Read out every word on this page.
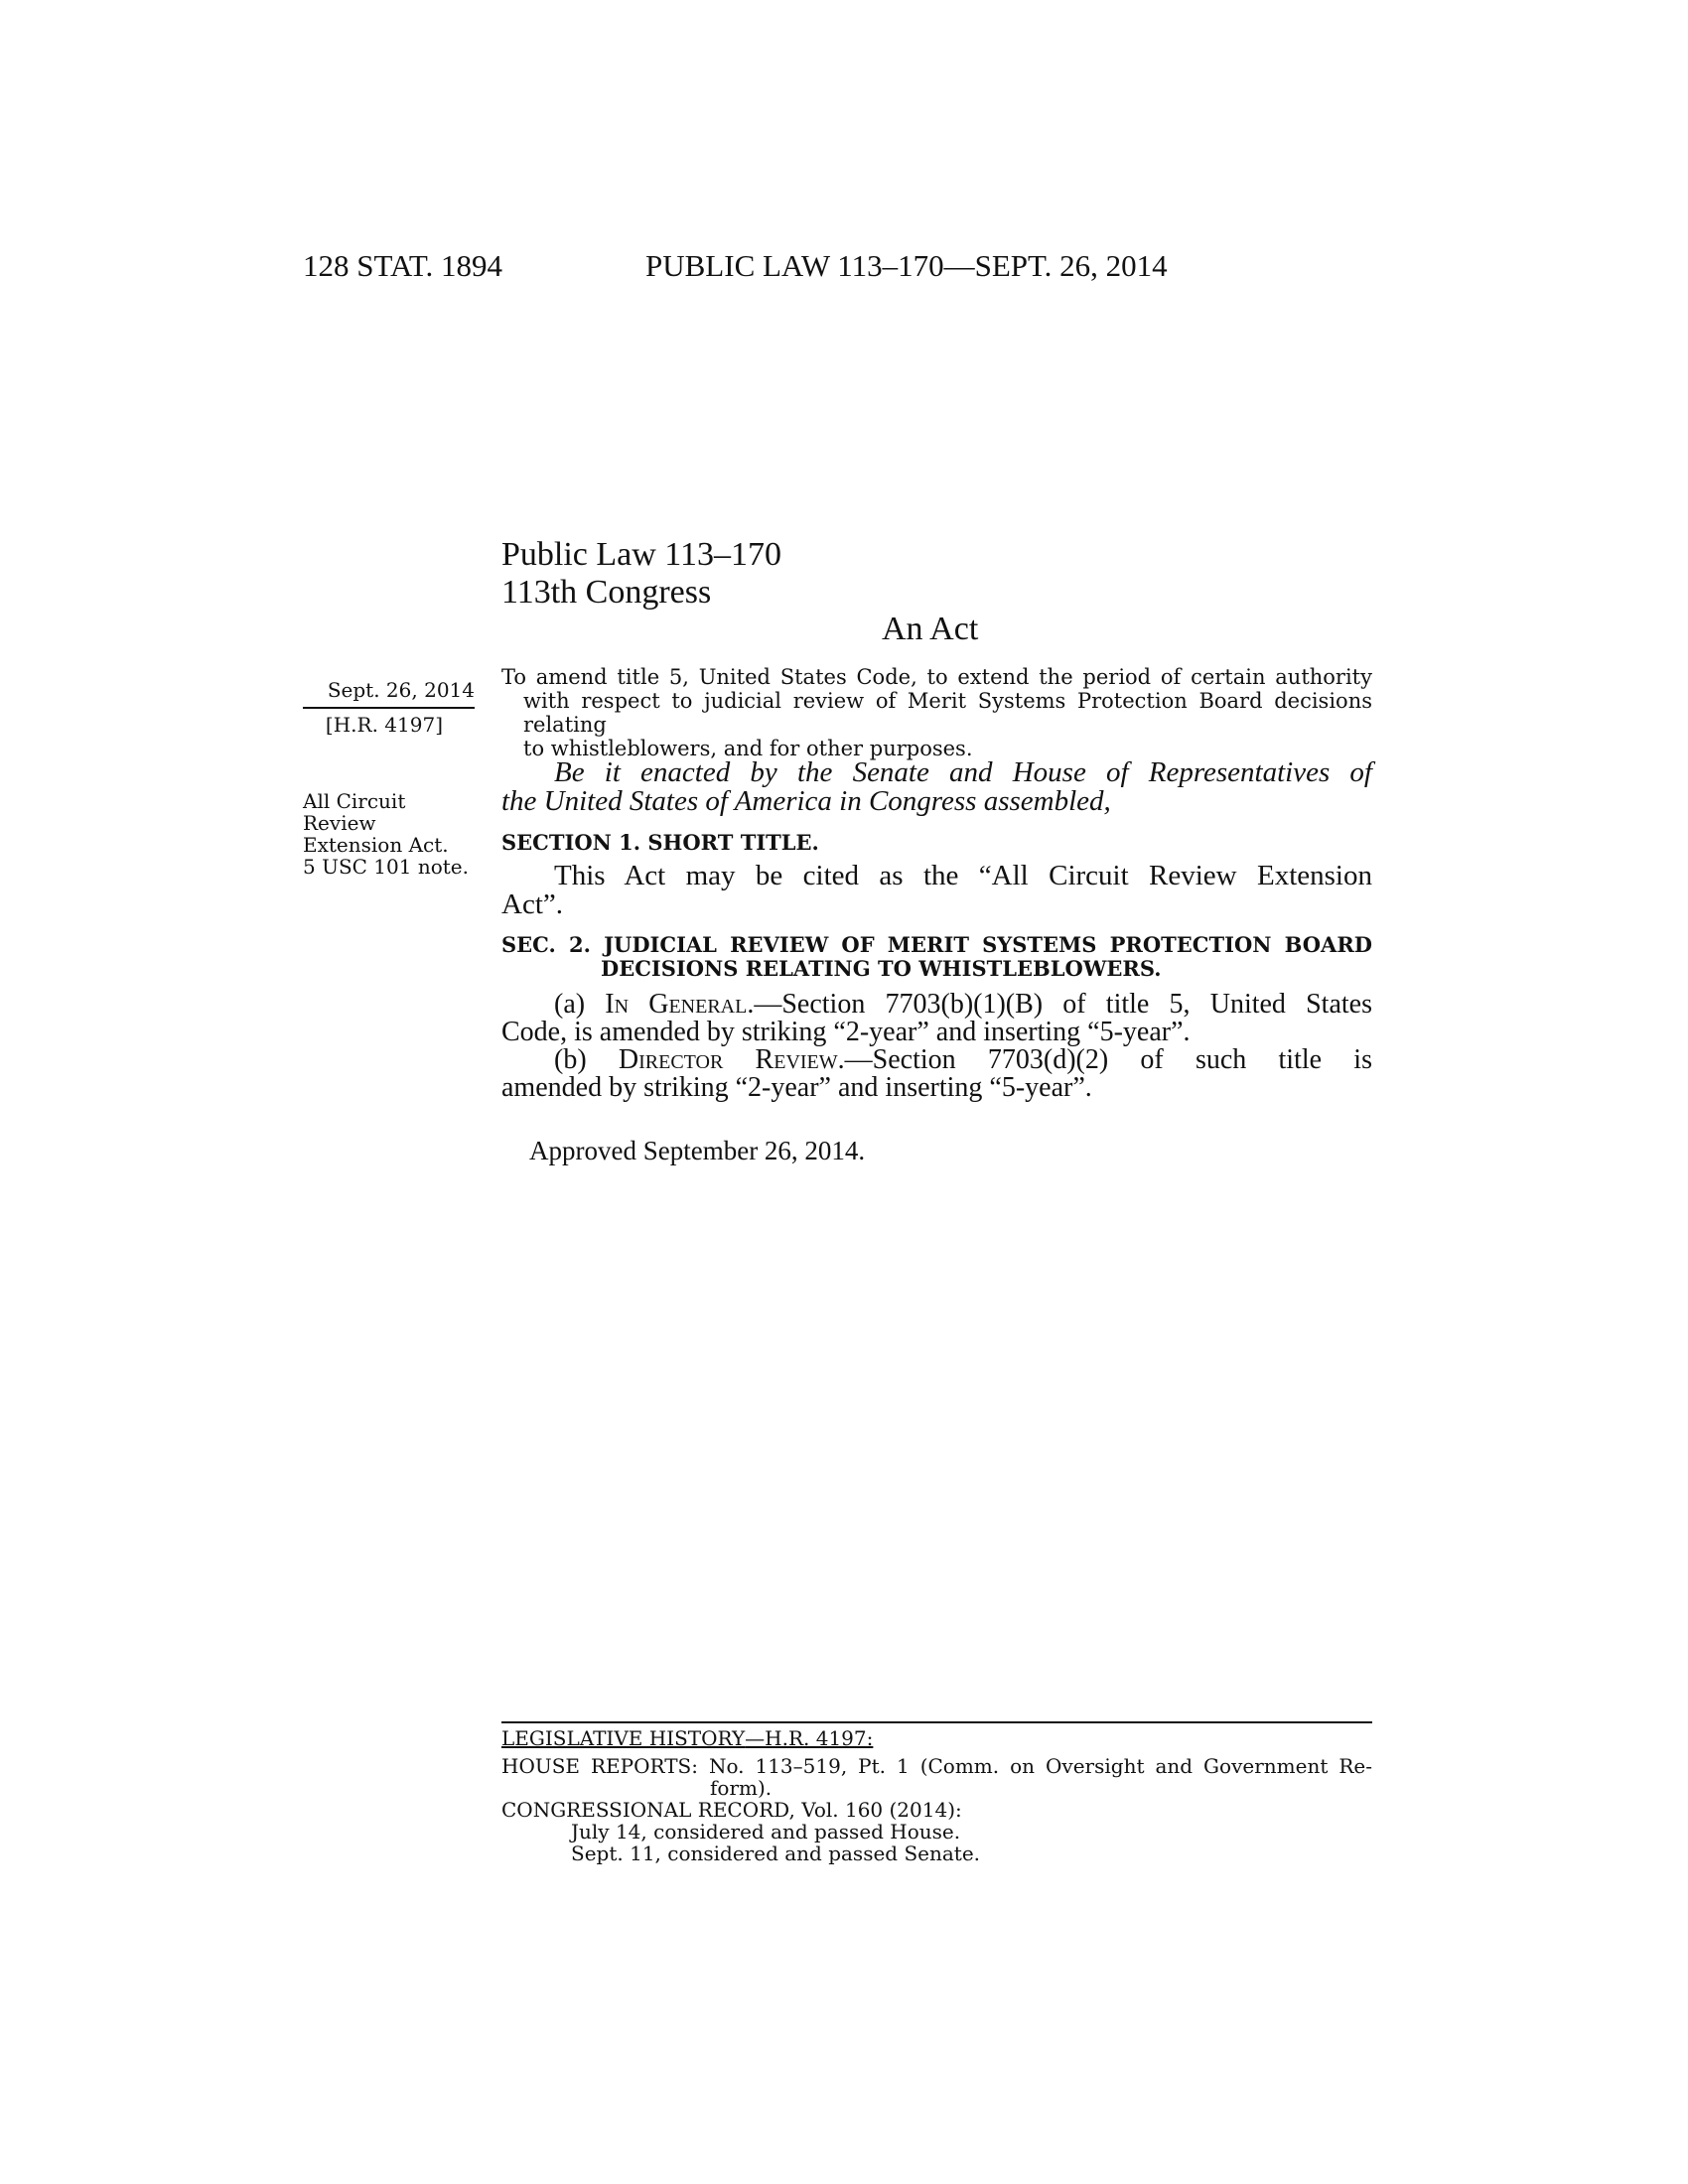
128 STAT. 1894	PUBLIC LAW 113–170—SEPT. 26, 2014
Public Law 113–170
113th Congress
An Act
Sept. 26, 2014
[H.R. 4197]
All Circuit
Review
Extension Act.
5 USC 101 note.
To amend title 5, United States Code, to extend the period of certain authority
with respect to judicial review of Merit Systems Protection Board decisions relating
to whistleblowers, and for other purposes.
Be it enacted by the Senate and House of Representatives of
the United States of America in Congress assembled,
SECTION 1. SHORT TITLE.
This Act may be cited as the “All Circuit Review Extension
Act”.
SEC. 2. JUDICIAL REVIEW OF MERIT SYSTEMS PROTECTION BOARD
DECISIONS RELATING TO WHISTLEBLOWERS.
(a) In General.—Section 7703(b)(1)(B) of title 5, United States
Code, is amended by striking “2-year” and inserting “5-year”.
(b) Director Review.—Section 7703(d)(2) of such title is
amended by striking “2-year” and inserting “5-year”.
Approved September 26, 2014.
LEGISLATIVE HISTORY—H.R. 4197:
HOUSE REPORTS: No. 113–519, Pt. 1 (Comm. on Oversight and Government Re-
form).
CONGRESSIONAL RECORD, Vol. 160 (2014):
July 14, considered and passed House.
Sept. 11, considered and passed Senate.
